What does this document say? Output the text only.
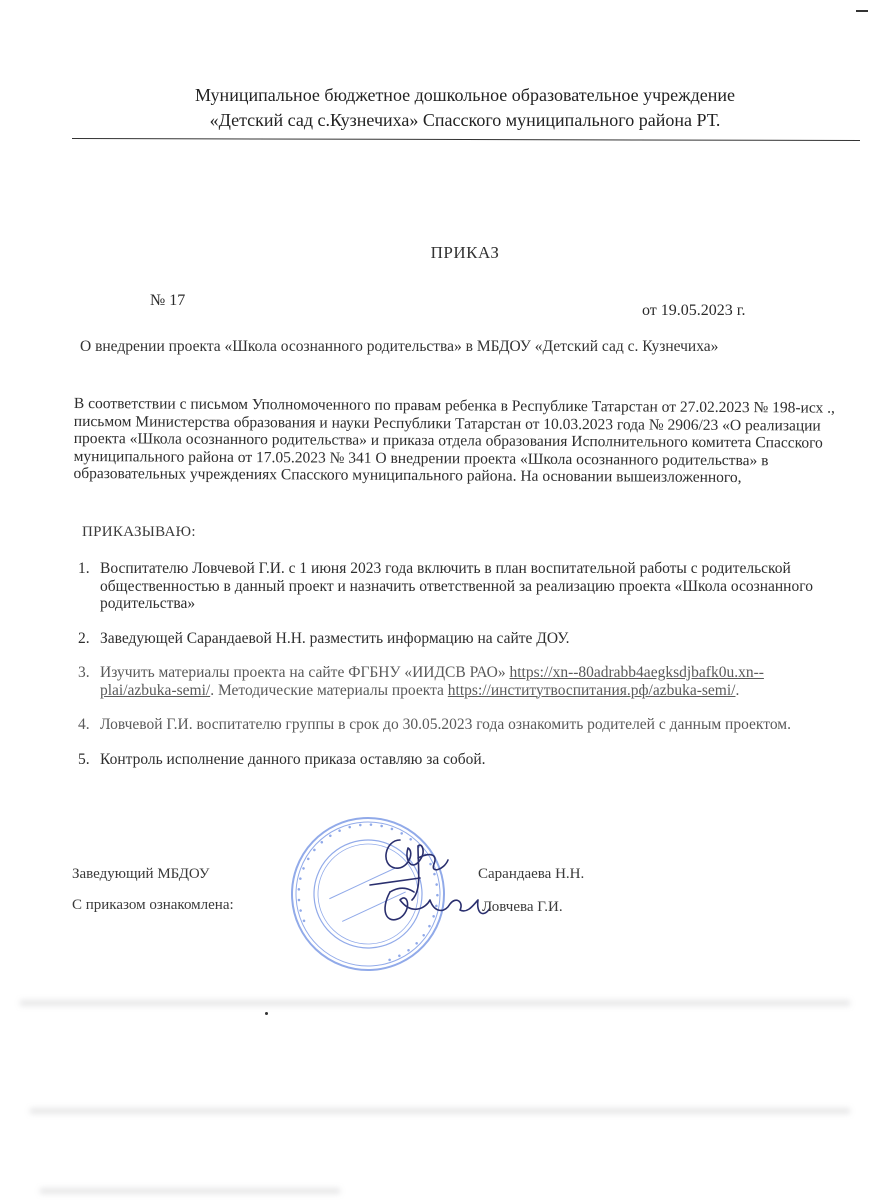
Муниципальное бюджетное дошкольное образовательное учреждение
«Детский сад с.Кузнечиха» Спасского муниципального района РТ.
ПРИКАЗ
№ 17
от 19.05.2023 г.
О внедрении проекта «Школа осознанного родительства» в МБДОУ «Детский сад с. Кузнечиха»
В соответствии с письмом Уполномоченного по правам ребенка в Республике Татарстан от 27.02.2023 № 198-исх ., письмом Министерства образования и науки Республики Татарстан от 10.03.2023 года № 2906/23 «О реализации проекта «Школа осознанного родительства» и приказа отдела образования Исполнительного комитета Спасского муниципального района от 17.05.2023 № 341 О внедрении проекта «Школа осознанного родительства» в образовательных учреждениях Спасского муниципального района. На основании вышеизложенного,
ПРИКАЗЫВАЮ:
1. Воспитателю Ловчевой Г.И. с 1 июня 2023 года включить в план воспитательной работы с родительской общественностью в данный проект и назначить ответственной за реализацию проекта «Школа осознанного родительства»
2. Заведующей Сарандаевой Н.Н. разместить информацию на сайте ДОУ.
3. Изучить материалы проекта на сайте ФГБНУ «ИИДСВ РАО» https://xn--80adrabb4aegksdjbafk0u.xn--plai/azbuka-semi/. Методические материалы проекта https://институтвоспитания.рф/azbuka-semi/.
4. Ловчевой Г.И. воспитателю группы в срок до 30.05.2023 года ознакомить родителей с данным проектом.
5. Контроль исполнение данного приказа оставляю за собой.
• • • • • • • • • • • • • • • • • • • • • • • • • • • • • • • •
Заведующий МБДОУ	Сарандаева Н.Н.
С приказом ознакомлена:	Ловчева Г.И.
